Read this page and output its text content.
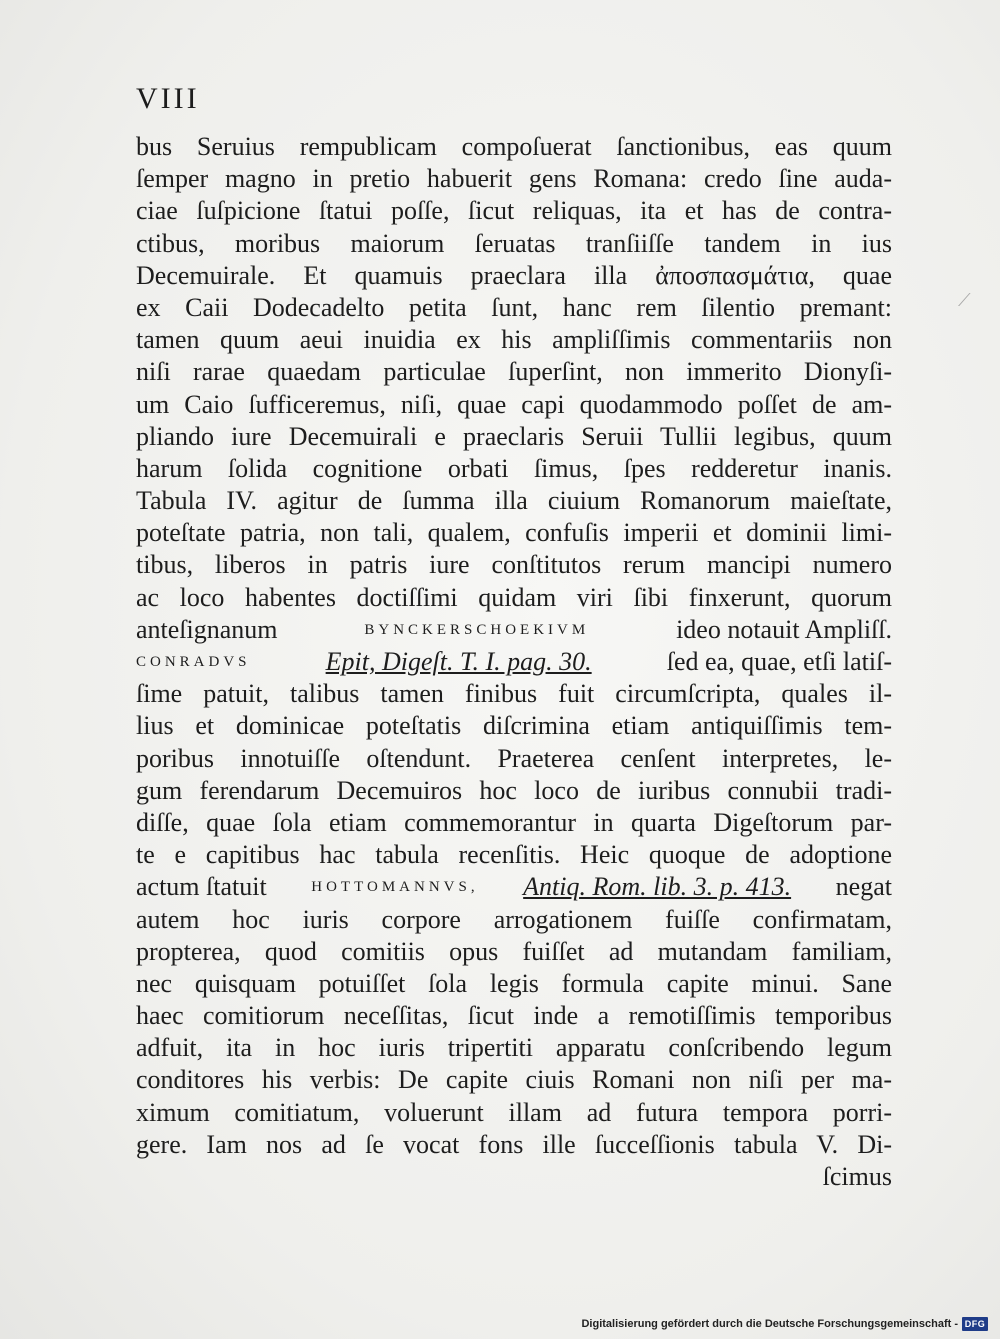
VIII
bus Seruius rempublicam compoſuerat ſanctionibus, eas quum
ſemper magno in pretio habuerit gens Romana: credo ſine auda-
ciae ſuſpicione ſtatui poſſe, ſicut reliquas, ita et has de contra-
ctibus, moribus maiorum ſeruatas tranſiiſſe tandem in ius
Decemuirale. Et quamuis praeclara illa ἀποσπασμάτια, quae
ex Caii Dodecadelto petita ſunt, hanc rem ſilentio premant:
tamen quum aeui inuidia ex his ampliſſimis commentariis non
niſi rarae quaedam particulae ſuperſint, non immerito Dionyſi-
um Caio ſufficeremus, niſi, quae capi quodammodo poſſet de am-
pliando iure Decemuirali e praeclaris Seruii Tullii legibus, quum
harum ſolida cognitione orbati ſimus, ſpes redderetur inanis.
Tabula IV. agitur de ſumma illa ciuium Romanorum maieſtate,
poteſtate patria, non tali, qualem, confuſis imperii et dominii limi-
tibus, liberos in patris iure conſtitutos rerum mancipi numero
ac loco habentes doctiſſimi quidam viri ſibi finxerunt, quorum
anteſignanum	BYNCKERSCHOEKIVM	ideo notauit Ampliſſ.
CONRADVS	Epit, Digeſt. T. I. pag. 30.	ſed ea, quae, etſi latiſ-
ſime patuit, talibus tamen finibus fuit circumſcripta, quales il-
lius et dominicae poteſtatis diſcrimina etiam antiquiſſimis tem-
poribus innotuiſſe oſtendunt. Praeterea cenſent interpretes, le-
gum ferendarum Decemuiros hoc loco de iuribus connubii tradi-
diſſe, quae ſola etiam commemorantur in quarta Digeſtorum par-
te e capitibus hac tabula recenſitis. Heic quoque de adoptione
actum ſtatuit	HOTTOMANNVS, Antiq. Rom. lib. 3. p. 413. negat
autem hoc iuris corpore arrogationem fuiſſe confirmatam,
propterea, quod comitiis opus fuiſſet ad mutandam familiam,
nec quisquam potuiſſet ſola legis formula capite minui. Sane
haec comitiorum neceſſitas, ſicut inde a remotiſſimis temporibus
adfuit, ita in hoc iuris tripertiti apparatu conſcribendo legum
conditores his verbis: De capite ciuis Romani non niſi per ma-
ximum comitiatum, voluerunt illam ad futura tempora porri-
gere. Iam nos ad ſe vocat fons ille ſucceſſionis tabula V. Di-
ſcimus
⟋
Digitalisierung gefördert durch die Deutsche Forschungsgemeinschaft - DFG
